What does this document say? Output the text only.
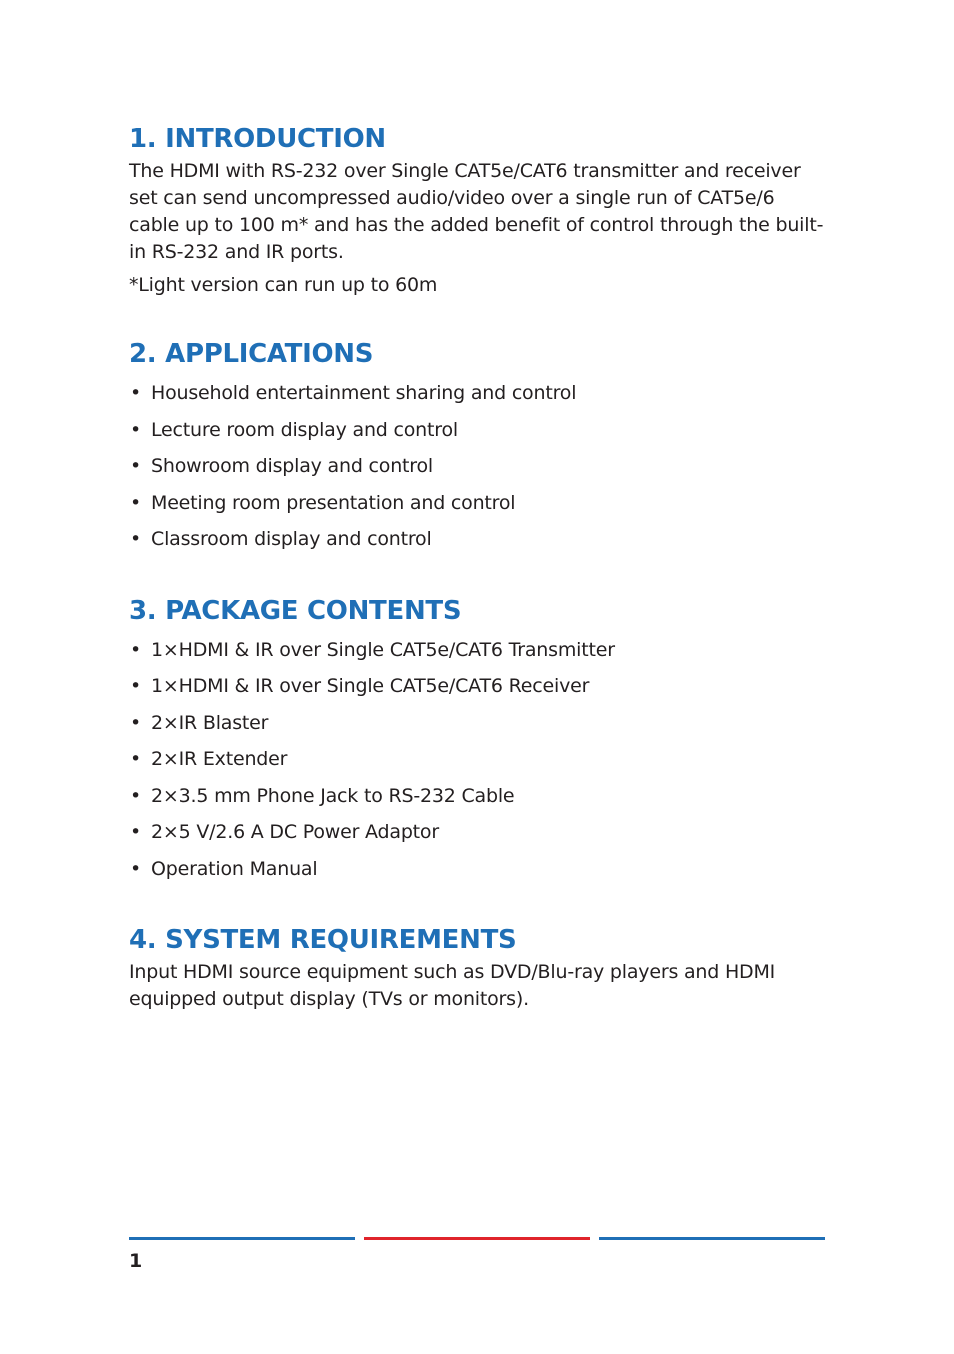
1. INTRODUCTION

The HDMI with RS-232 over Single CAT5e/CAT6 transmitter and receiver set can send uncompressed audio/video over a single run of CAT5e/6 cable up to 100 m* and has the added benefit of control through the built-in RS-232 and IR ports.

*Light version can run up to 60m

2. APPLICATIONS
• Household entertainment sharing and control
• Lecture room display and control
• Showroom display and control
• Meeting room presentation and control
• Classroom display and control
3. PACKAGE CONTENTS
• 1×HDMI & IR over Single CAT5e/CAT6 Transmitter
• 1×HDMI & IR over Single CAT5e/CAT6 Receiver
• 2×IR Blaster
• 2×IR Extender
• 2×3.5 mm Phone Jack to RS-232 Cable
• 2×5 V/2.6 A DC Power Adaptor
• Operation Manual
4. SYSTEM REQUIREMENTS

Input HDMI source equipment such as DVD/Blu-ray players and HDMI equipped output display (TVs or monitors).

1
